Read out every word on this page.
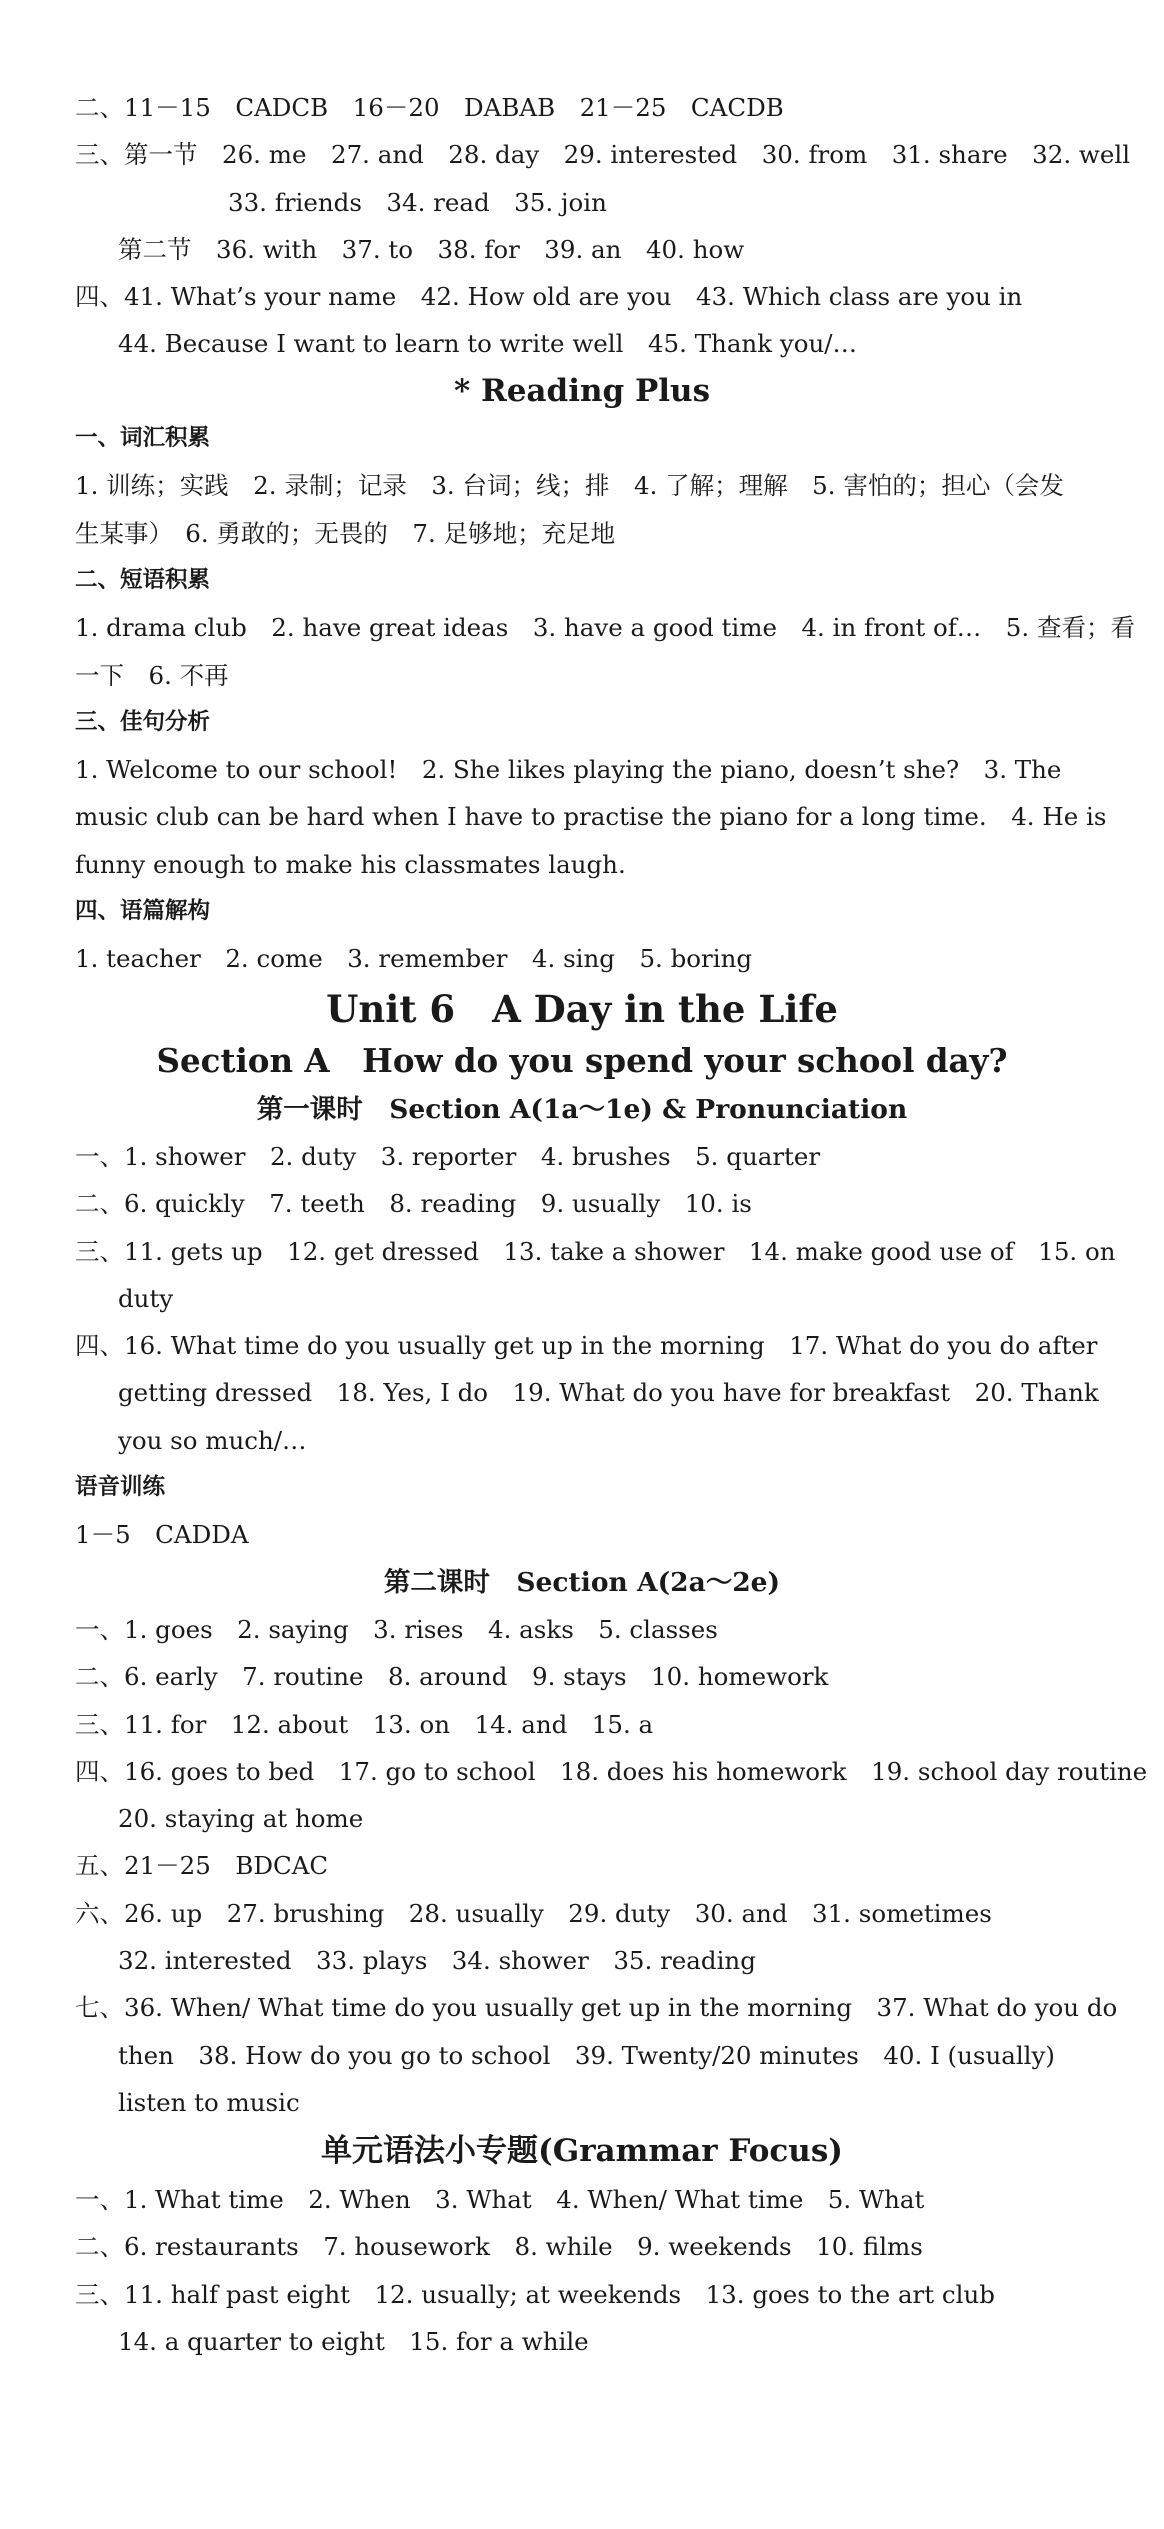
二、11－15　CADCB　16－20　DABAB　21－25　CACDB
三、第一节　26. me　27. and　28. day　29. interested　30. from　31. share　32. well
33. friends　34. read　35. join
第二节　36. with　37. to　38. for　39. an　40. how
四、41. What’s your name　42. How old are you　43. Which class are you in
44. Because I want to learn to write well　45. Thank you/…
* Reading Plus
一、词汇积累
1. 训练；实践　2. 录制；记录　3. 台词；线；排　4. 了解；理解　5. 害怕的；担心（会发
生某事）　6. 勇敢的；无畏的　7. 足够地；充足地
二、短语积累
1. drama club　2. have great ideas　3. have a good time　4. in front of…　5. 查看；看
一下　6. 不再
三、佳句分析
1. Welcome to our school!　2. She likes playing the piano, doesn’t she?　3. The
music club can be hard when I have to practise the piano for a long time.　4. He is
funny enough to make his classmates laugh.
四、语篇解构
1. teacher　2. come　3. remember　4. sing　5. boring
Unit 6　A Day in the Life
Section A　How do you spend your school day?
第一课时　Section A(1a～1e) & Pronunciation
一、1. shower　2. duty　3. reporter　4. brushes　5. quarter
二、6. quickly　7. teeth　8. reading　9. usually　10. is
三、11. gets up　12. get dressed　13. take a shower　14. make good use of　15. on
duty
四、16. What time do you usually get up in the morning　17. What do you do after
getting dressed　18. Yes, I do　19. What do you have for breakfast　20. Thank
you so much/…
语音训练
1－5　CADDA
第二课时　Section A(2a～2e)
一、1. goes　2. saying　3. rises　4. asks　5. classes
二、6. early　7. routine　8. around　9. stays　10. homework
三、11. for　12. about　13. on　14. and　15. a
四、16. goes to bed　17. go to school　18. does his homework　19. school day routine
20. staying at home
五、21－25　BDCAC
六、26. up　27. brushing　28. usually　29. duty　30. and　31. sometimes
32. interested　33. plays　34. shower　35. reading
七、36. When/ What time do you usually get up in the morning　37. What do you do
then　38. How do you go to school　39. Twenty/20 minutes　40. I (usually)
listen to music
单元语法小专题(Grammar Focus)
一、1. What time　2. When　3. What　4. When/ What time　5. What
二、6. restaurants　7. housework　8. while　9. weekends　10. films
三、11. half past eight　12. usually; at weekends　13. goes to the art club
14. a quarter to eight　15. for a while
